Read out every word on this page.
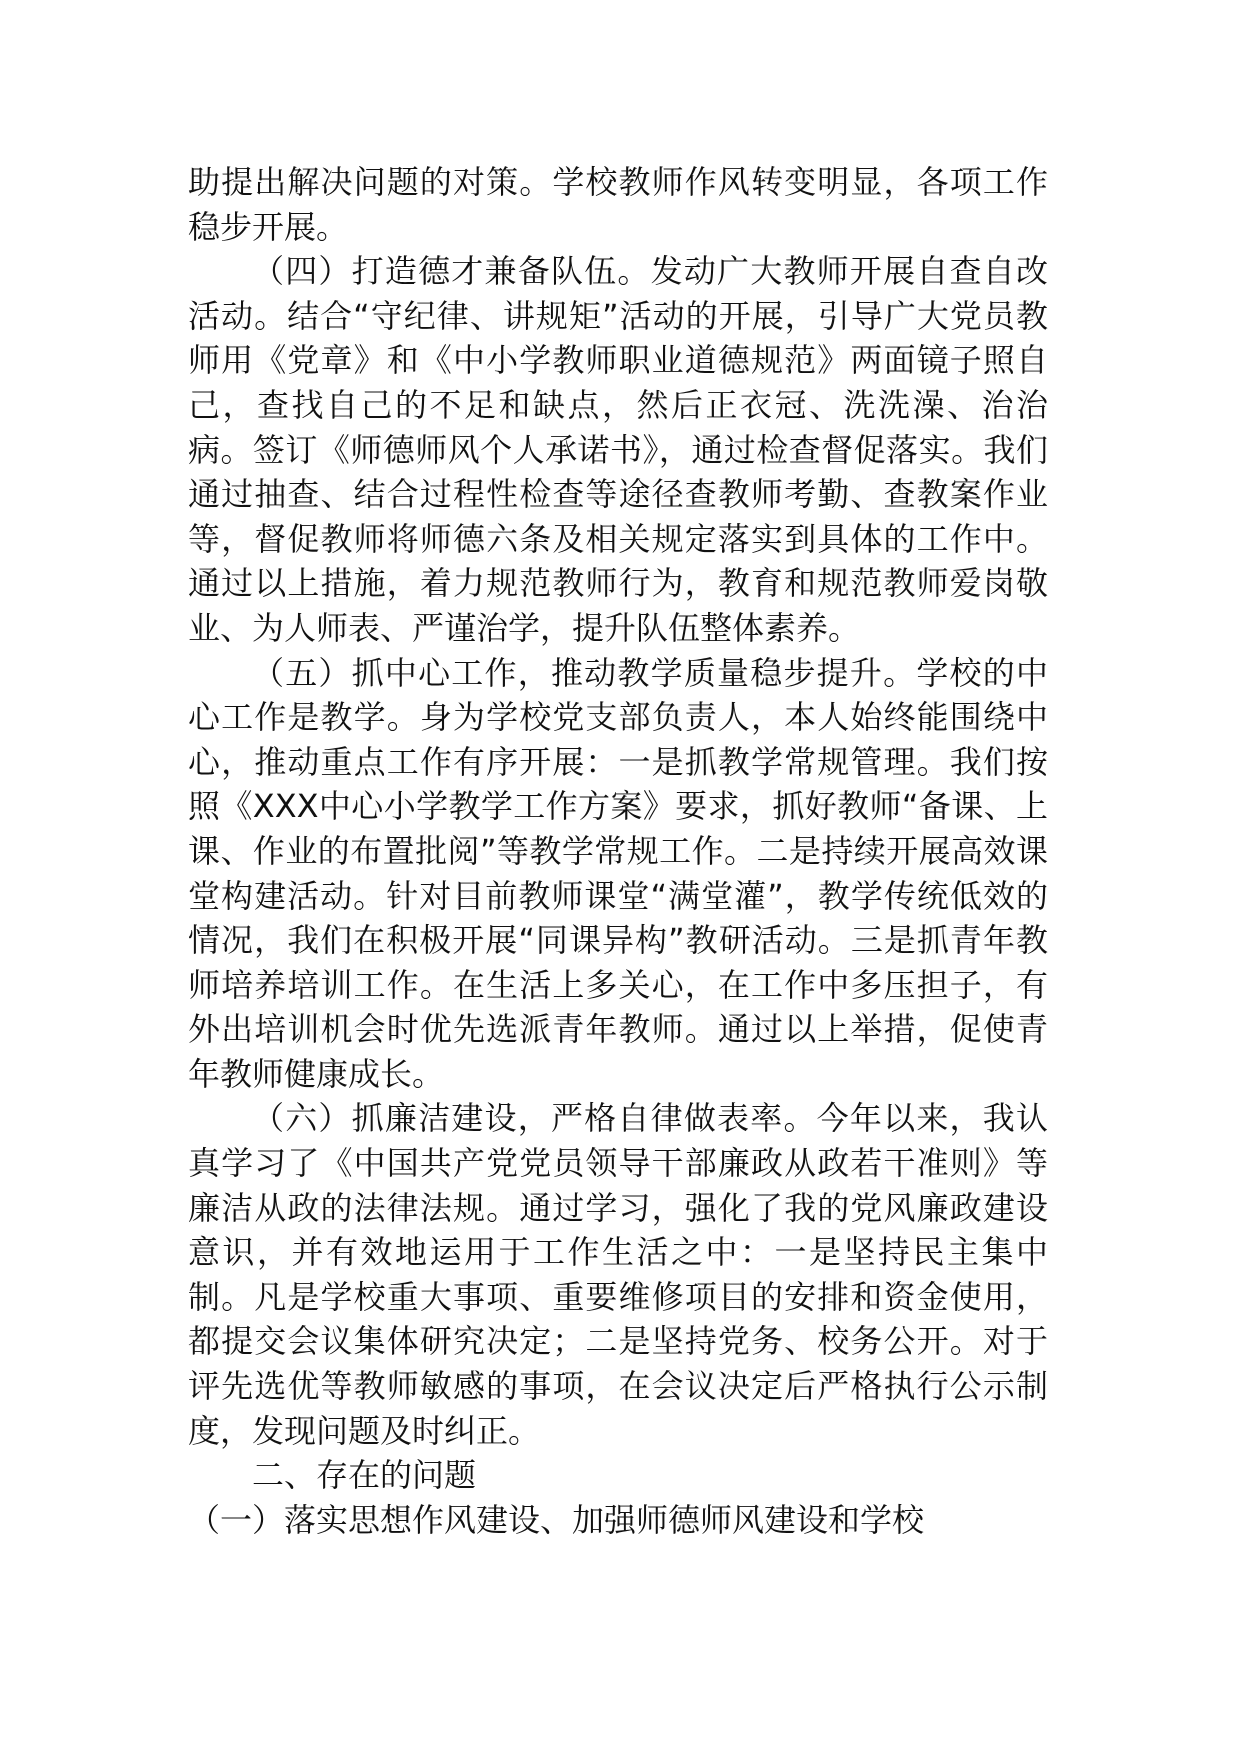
助提出解决问题的对策。学校教师作风转变明显，各项工作稳步开展。

（四）打造德才兼备队伍。发动广大教师开展自查自改活动。结合“守纪律、讲规矩”活动的开展，引导广大党员教师用《党章》和《中小学教师职业道德规范》两面镜子照自己，查找自己的不足和缺点，然后正衣冠、洗洗澡、治治病。签订《师德师风个人承诺书》，通过检查督促落实。我们通过抽查、结合过程性检查等途径查教师考勤、查教案作业等，督促教师将师德六条及相关规定落实到具体的工作中。通过以上措施，着力规范教师行为，教育和规范教师爱岗敬业、为人师表、严谨治学，提升队伍整体素养。

（五）抓中心工作，推动教学质量稳步提升。学校的中心工作是教学。身为学校党支部负责人，本人始终能围绕中心，推动重点工作有序开展：一是抓教学常规管理。我们按照《XXX中心小学教学工作方案》要求，抓好教师“备课、上课、作业的布置批阅”等教学常规工作。二是持续开展高效课堂构建活动。针对目前教师课堂“满堂灌”，教学传统低效的情况，我们在积极开展“同课异构”教研活动。三是抓青年教师培养培训工作。在生活上多关心，在工作中多压担子，有外出培训机会时优先选派青年教师。通过以上举措，促使青年教师健康成长。

（六）抓廉洁建设，严格自律做表率。今年以来，我认真学习了《中国共产党党员领导干部廉政从政若干准则》等廉洁从政的法律法规。通过学习，强化了我的党风廉政建设意识，并有效地运用于工作生活之中：一是坚持民主集中制。凡是学校重大事项、重要维修项目的安排和资金使用，都提交会议集体研究决定；二是坚持党务、校务公开。对于评先选优等教师敏感的事项，在会议决定后严格执行公示制度，发现问题及时纠正。

二、存在的问题

（一）落实思想作风建设、加强师德师风建设和学校
